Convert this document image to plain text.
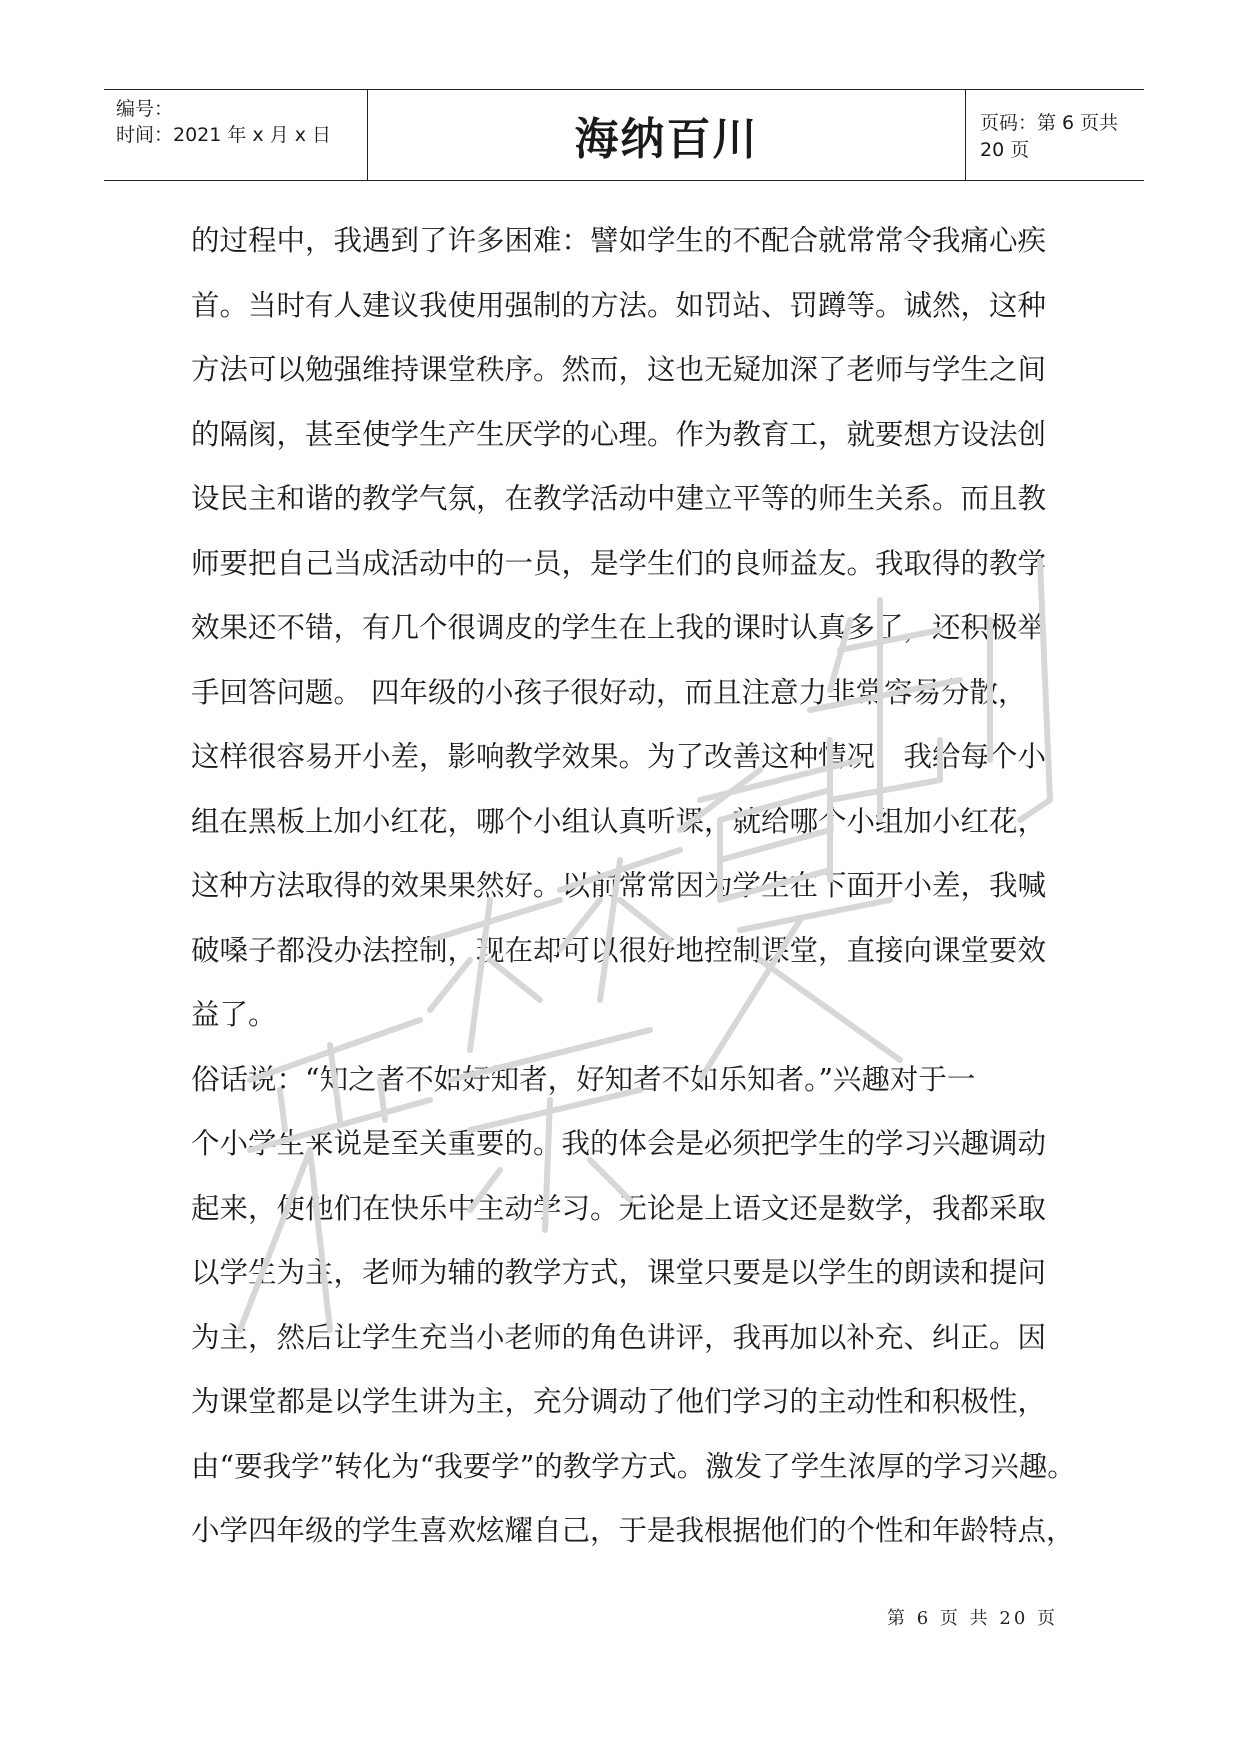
编号：
时间：2021 年 x 月 x 日	海纳百川	页码：第 6 页共 20 页
的过程中，我遇到了许多困难：譬如学生的不配合就常常令我痛心疾
首。当时有人建议我使用强制的方法。如罚站、罚蹲等。诚然，这种
方法可以勉强维持课堂秩序。然而，这也无疑加深了老师与学生之间
的隔阂，甚至使学生产生厌学的心理。作为教育工，就要想方设法创
设民主和谐的教学气氛，在教学活动中建立平等的师生关系。而且教
师要把自己当成活动中的一员，是学生们的良师益友。我取得的教学
效果还不错，有几个很调皮的学生在上我的课时认真多了，还积极举
手回答问题。 四年级的小孩子很好动，而且注意力非常容易分散，
这样很容易开小差，影响教学效果。为了改善这种情况，我给每个小
组在黑板上加小红花，哪个小组认真听课，就给哪个小组加小红花，
这种方法取得的效果果然好。以前常常因为学生在下面开小差，我喊
破嗓子都没办法控制，现在却可以很好地控制课堂，直接向课堂要效
益了。
俗话说：“知之者不如好知者，好知者不如乐知者。”兴趣对于一
个小学生来说是至关重要的。我的体会是必须把学生的学习兴趣调动
起来，使他们在快乐中主动学习。无论是上语文还是数学，我都采取
以学生为主，老师为辅的教学方式，课堂只要是以学生的朗读和提问
为主，然后让学生充当小老师的角色讲评，我再加以补充、纠正。因
为课堂都是以学生讲为主，充分调动了他们学习的主动性和积极性，
由“要我学”转化为“我要学”的教学方式。激发了学生浓厚的学习兴趣。
小学四年级的学生喜欢炫耀自己，于是我根据他们的个性和年龄特点，
第 6 页 共 20 页
